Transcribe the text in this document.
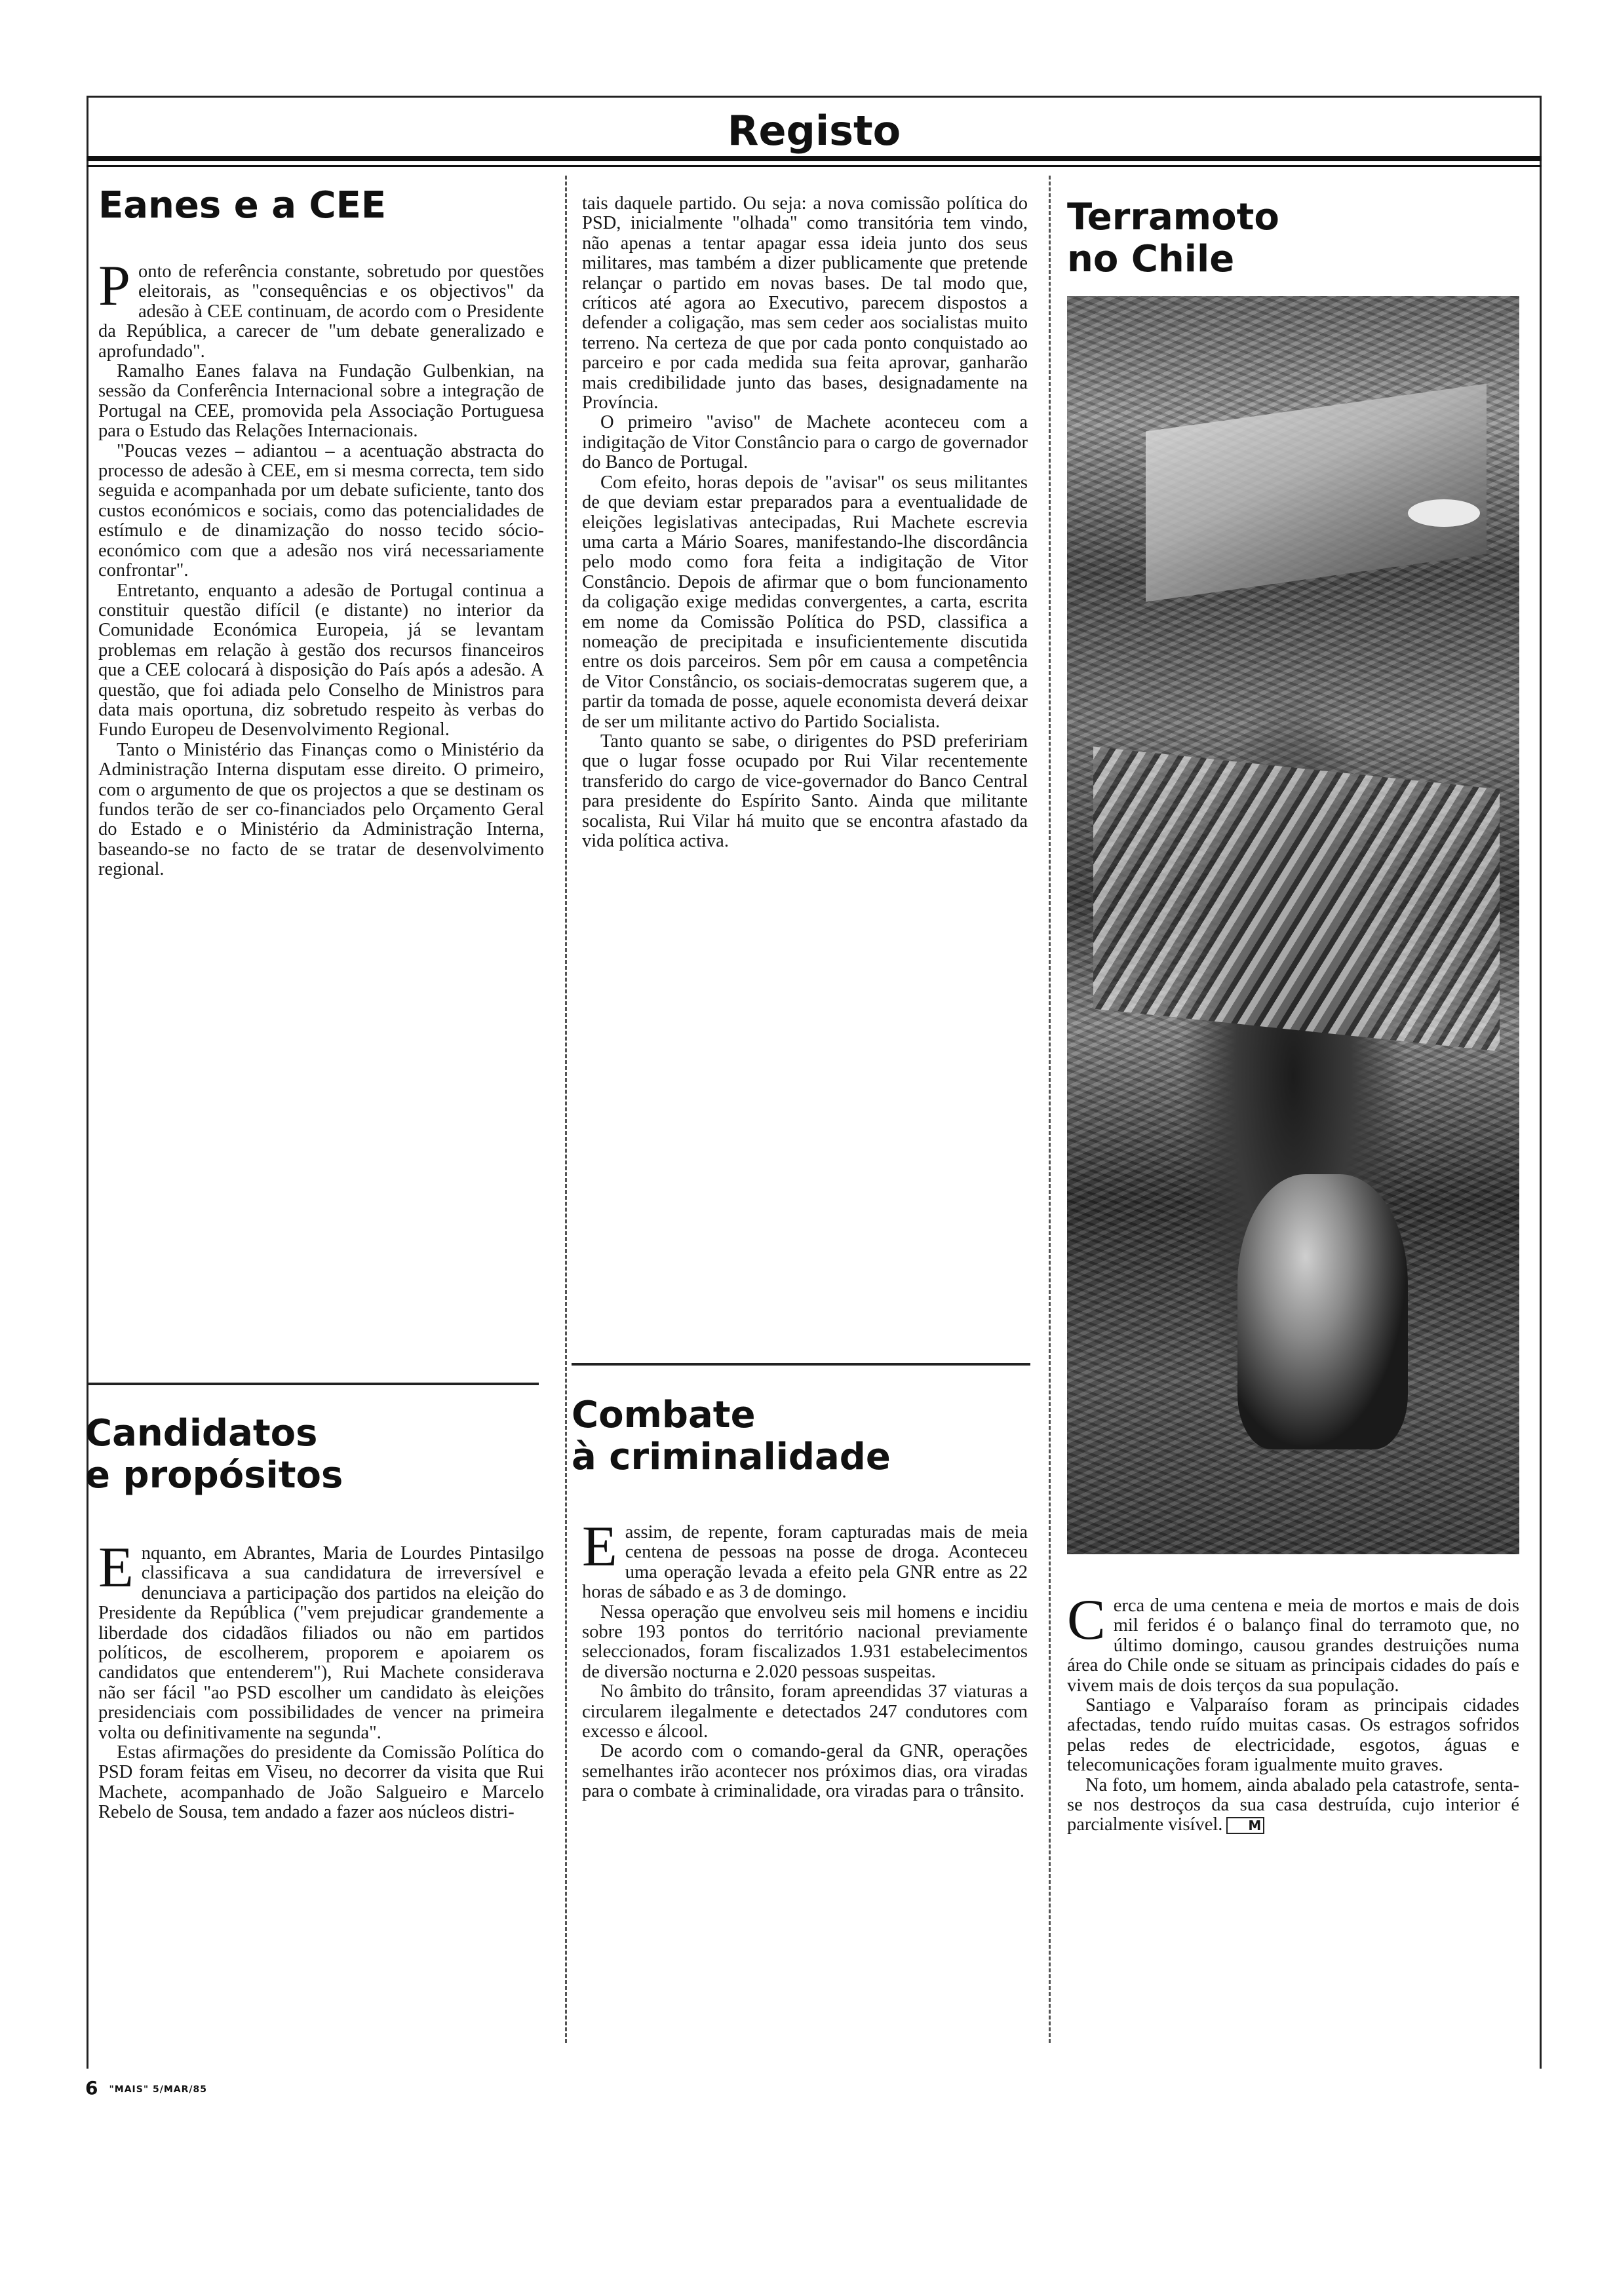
Registo
Eanes e a CEE

Ponto de referência constante, sobretudo por questões eleitorais, as "consequências e os objectivos" da adesão à CEE continuam, de acordo com o Presidente da República, a carecer de "um debate generalizado e aprofundado".

Ramalho Eanes falava na Fundação Gulbenkian, na sessão da Conferência Internacional sobre a integração de Portugal na CEE, promovida pela Associação Portuguesa para o Estudo das Relações Internacionais.

"Poucas vezes – adiantou – a acentuação abstracta do processo de adesão à CEE, em si mesma correcta, tem sido seguida e acompanhada por um debate suficiente, tanto dos custos económicos e sociais, como das potencialidades de estímulo e de dinamização do nosso tecido sócio-económico com que a adesão nos virá necessariamente confrontar".

Entretanto, enquanto a adesão de Portugal continua a constituir questão difícil (e distante) no interior da Comunidade Económica Europeia, já se levantam problemas em relação à gestão dos recursos financeiros que a CEE colocará à disposição do País após a adesão. A questão, que foi adiada pelo Conselho de Ministros para data mais oportuna, diz sobretudo respeito às verbas do Fundo Europeu de Desenvolvimento Regional.

Tanto o Ministério das Finanças como o Ministério da Administração Interna disputam esse direito. O primeiro, com o argumento de que os projectos a que se destinam os fundos terão de ser co-financiados pelo Orçamento Geral do Estado e o Ministério da Administração Interna, baseando-se no facto de se tratar de desenvolvimento regional.

Candidatos
e propósitos

Enquanto, em Abrantes, Maria de Lourdes Pintasilgo classificava a sua candidatura de irreversível e denunciava a participação dos partidos na eleição do Presidente da República ("vem prejudicar grandemente a liberdade dos cidadãos filiados ou não em partidos políticos, de escolherem, proporem e apoiarem os candidatos que entenderem"), Rui Machete considerava não ser fácil "ao PSD escolher um candidato às eleições presidenciais com possibilidades de vencer na primeira volta ou definitivamente na segunda".

Estas afirmações do presidente da Comissão Política do PSD foram feitas em Viseu, no decorrer da visita que Rui Machete, acompanhado de João Salgueiro e Marcelo Rebelo de Sousa, tem andado a fazer aos núcleos distri-

tais daquele partido. Ou seja: a nova comissão política do PSD, inicialmente "olhada" como transitória tem vindo, não apenas a tentar apagar essa ideia junto dos seus militares, mas também a dizer publicamente que pretende relançar o partido em novas bases. De tal modo que, críticos até agora ao Executivo, parecem dispostos a defender a coligação, mas sem ceder aos socialistas muito terreno. Na certeza de que por cada ponto conquistado ao parceiro e por cada medida sua feita aprovar, ganharão mais credibilidade junto das bases, designadamente na Província.

O primeiro "aviso" de Machete aconteceu com a indigitação de Vitor Constâncio para o cargo de governador do Banco de Portugal.

Com efeito, horas depois de "avisar" os seus militantes de que deviam estar preparados para a eventualidade de eleições legislativas antecipadas, Rui Machete escrevia uma carta a Mário Soares, manifestando-lhe discordância pelo modo como fora feita a indigitação de Vitor Constâncio. Depois de afirmar que o bom funcionamento da coligação exige medidas convergentes, a carta, escrita em nome da Comissão Política do PSD, classifica a nomeação de precipitada e insuficientemente discutida entre os dois parceiros. Sem pôr em causa a competência de Vitor Constâncio, os sociais-democratas sugerem que, a partir da tomada de posse, aquele economista deverá deixar de ser um militante activo do Partido Socialista.

Tanto quanto se sabe, o dirigentes do PSD prefeririam que o lugar fosse ocupado por Rui Vilar recentemente transferido do cargo de vice-governador do Banco Central para presidente do Espírito Santo. Ainda que militante socalista, Rui Vilar há muito que se encontra afastado da vida política activa.

Combate
à criminalidade

Eassim, de repente, foram capturadas mais de meia centena de pessoas na posse de droga. Aconteceu uma operação levada a efeito pela GNR entre as 22 horas de sábado e as 3 de domingo.

Nessa operação que envolveu seis mil homens e incidiu sobre 193 pontos do território nacional previamente seleccionados, foram fiscalizados 1.931 estabelecimentos de diversão nocturna e 2.020 pessoas suspeitas.

No âmbito do trânsito, foram apreendidas 37 viaturas a circularem ilegalmente e detectados 247 condutores com excesso e álcool.

De acordo com o comando-geral da GNR, operações semelhantes irão acontecer nos próximos dias, ora viradas para o combate à criminalidade, ora viradas para o trânsito.

Terramoto
no Chile

Cerca de uma centena e meia de mortos e mais de dois mil feridos é o balanço final do terramoto que, no último domingo, causou grandes destruições numa área do Chile onde se situam as principais cidades do país e vivem mais de dois terços da sua população.

Santiago e Valparaíso foram as principais cidades afectadas, tendo ruído muitas casas. Os estragos sofridos pelas redes de electricidade, esgotos, águas e telecomunicações foram igualmente muito graves.

Na foto, um homem, ainda abalado pela catastrofe, senta-se nos destroços da sua casa destruída, cujo interior é parcialmente visível. M

6 "MAIS" 5/MAR/85
